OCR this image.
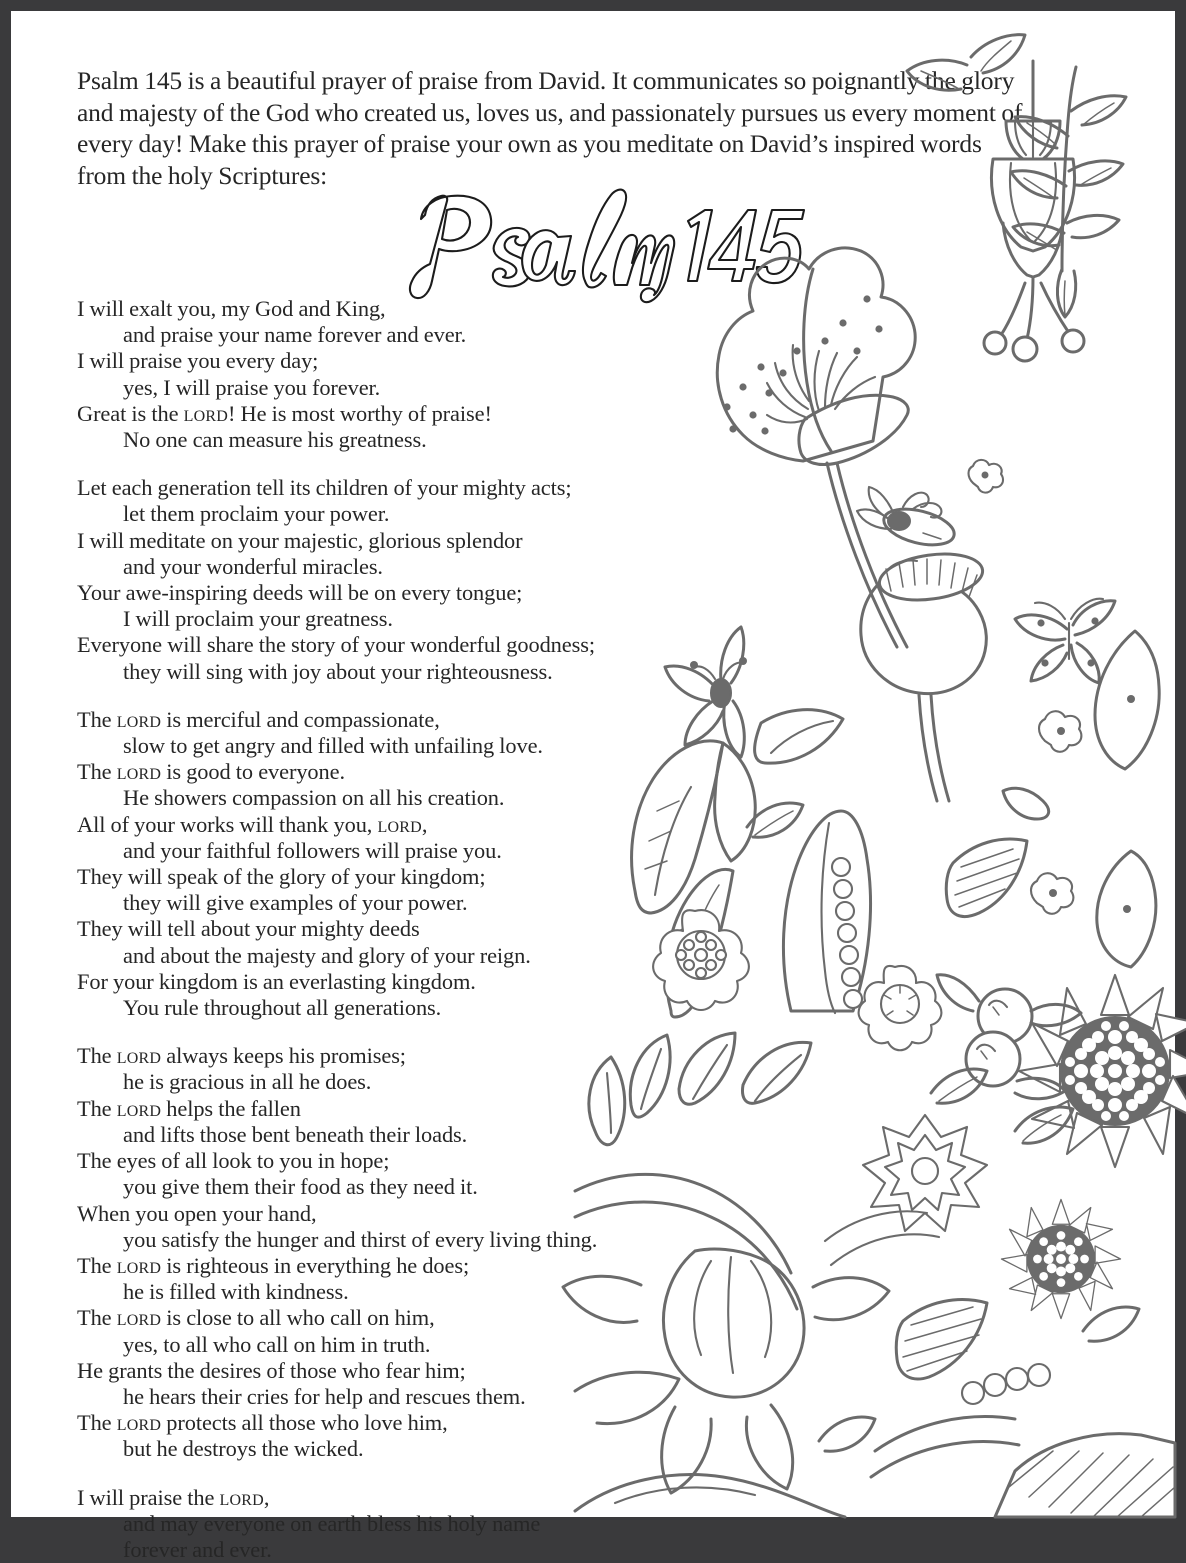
Psalm 145 is a beautiful prayer of praise from David. It communicates so poignantly the glory and majesty of the God who created us, loves us, and passionately pursues us every moment of every day! Make this prayer of praise your own as you meditate on David’s inspired words from the holy Scriptures:
I will exalt you, my God and King,
and praise your name forever and ever.
I will praise you every day;
yes, I will praise you forever.
Great is the lord! He is most worthy of praise!
No one can measure his greatness.
Let each generation tell its children of your mighty acts;
let them proclaim your power.
I will meditate on your majestic, glorious splendor
and your wonderful miracles.
Your awe-inspiring deeds will be on every tongue;
I will proclaim your greatness.
Everyone will share the story of your wonderful goodness;
they will sing with joy about your righteousness.
The lord is merciful and compassionate,
slow to get angry and filled with unfailing love.
The lord is good to everyone.
He showers compassion on all his creation.
All of your works will thank you, lord,
and your faithful followers will praise you.
They will speak of the glory of your kingdom;
they will give examples of your power.
They will tell about your mighty deeds
and about the majesty and glory of your reign.
For your kingdom is an everlasting kingdom.
You rule throughout all generations.
The lord always keeps his promises;
he is gracious in all he does.
The lord helps the fallen
and lifts those bent beneath their loads.
The eyes of all look to you in hope;
you give them their food as they need it.
When you open your hand,
you satisfy the hunger and thirst of every living thing.
The lord is righteous in everything he does;
he is filled with kindness.
The lord is close to all who call on him,
yes, to all who call on him in truth.
He grants the desires of those who fear him;
he hears their cries for help and rescues them.
The lord protects all those who love him,
but he destroys the wicked.
I will praise the lord,
and may everyone on earth bless his holy name
forever and ever.
